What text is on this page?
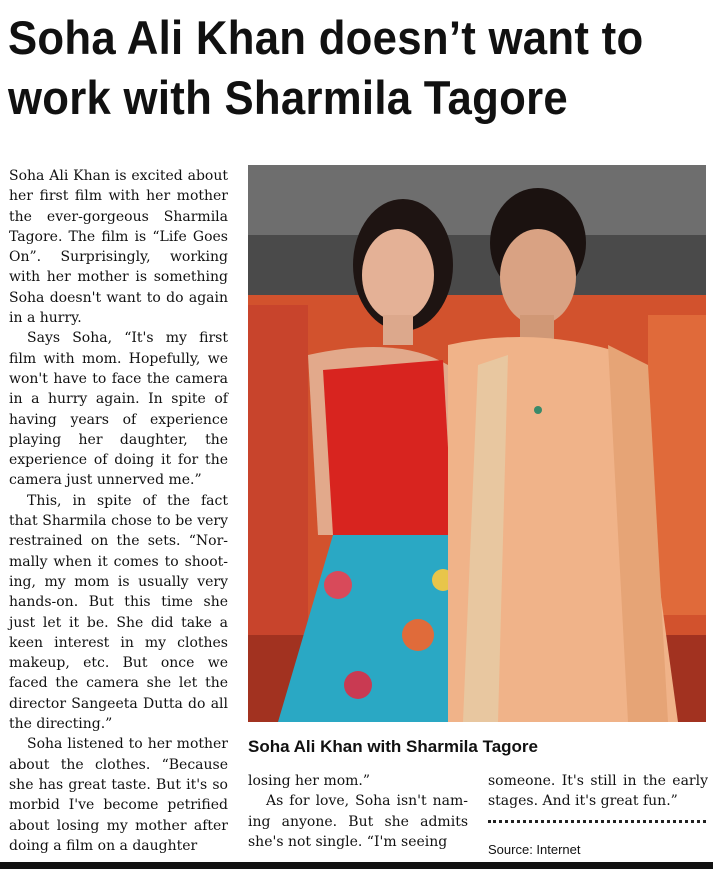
Soha Ali Khan doesn’t want to
work with Sharmila Tagore

Soha Ali Khan is excited about her first film with her mother the ever-gorgeous Sharmila Tagore. The film is “Life Goes On”. Surprisingly, working with her mother is something Soha doesn't want to do again in a hurry.

Says Soha, “It's my first film with mom. Hopefully, we won't have to face the camera in a hurry again. In spite of having years of experience playing her daughter, the experience of doing it for the camera just unnerved me.”

This, in spite of the fact that Sharmila chose to be very restrained on the sets. “Nor-mally when it comes to shoot-ing, my mom is usually very hands-on. But this time she just let it be. She did take a keen interest in my clothes makeup, etc. But once we faced the camera she let the director Sangeeta Dutta do all the directing.”

Soha listened to her mother about the clothes. “Because she has great taste. But it's so morbid I've become petrified about losing my mother after doing a film on a daughter

Soha Ali Khan with Sharmila Tagore

losing her mom.”

As for love, Soha isn't nam-ing anyone. But she admits she's not single. “I'm seeing

someone. It's still in the early stages. And it's great fun.”

Source: Internet
